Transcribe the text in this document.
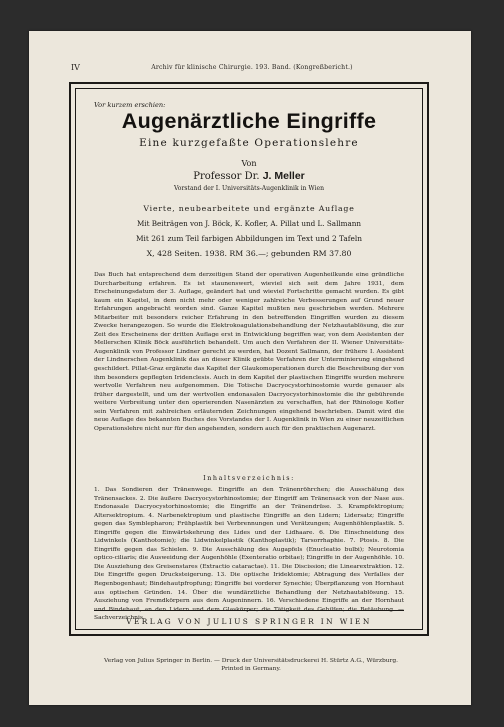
IV	Archiv für klinische Chirurgie. 193. Band. (Kongreßbericht.)
Vor kurzem erschien:
Augenärztliche Eingriffe
Eine kurzgefaßte Operationslehre
Von
Professor Dr. J. Meller
Vorstand der I. Universitäts-Augenklinik in Wien
Vierte, neubearbeitete und ergänzte Auflage
Mit Beiträgen von J. Böck, K. Kofler, A. Pillat und L. Sallmann
Mit 261 zum Teil farbigen Abbildungen im Text und 2 Tafeln
X, 428 Seiten. 1938. RM 36.—; gebunden RM 37.80

Das Buch hat entsprechend dem derzeitigen Stand der operativen Augenheilkunde eine gründliche Durcharbeitung erfahren. Es ist staunenswert, wieviel sich seit dem Jahre 1931, dem Erscheinungsdatum der 3. Auflage, geändert hat und wieviel Fortschritte gemacht wurden. Es gibt kaum ein Kapitel, in dem nicht mehr oder weniger zahlreiche Verbesserungen auf Grund neuer Erfahrungen angebracht worden sind. Ganze Kapitel mußten neu geschrieben werden. Mehrere Mitarbeiter mit besonders reicher Erfahrung in den betreffenden Eingriffen wurden zu diesem Zwecke herangezogen. So wurde die Elektrokoagulationsbehandlung der Netzhautablösung, die zur Zeit des Erscheinens der dritten Auflage erst in Entwicklung begriffen war, von dem Assistenten der Mellerschen Klinik Böck ausführlich behandelt. Um auch den Verfahren der II. Wiener Universitäts-Augenklinik von Professor Lindner gerecht zu werden, hat Dozent Sallmann, der frühere I. Assistent der Lindnerschen Augenklinik das an dieser Klinik geübte Verfahren der Unterminierung eingehend geschildert. Pillat-Graz ergänzte das Kapitel der Glaukomoperationen durch die Beschreibung der von ihm besonders gepflegten Iridenclesis. Auch in dem Kapitel der plastischen Eingriffe wurden mehrere wertvolle Verfahren neu aufgenommen. Die Totische Dacryocystorhinostomie wurde genauer als früher dargestellt, und um der wertvollen endonasalen Dacryocystorhinostomie die ihr gebührende weitere Verbreitung unter den operierenden Nasenärzten zu verschaffen, hat der Rhinologe Kofler sein Verfahren mit zahlreichen erläuternden Zeichnungen eingehend beschrieben. Damit wird die neue Auflage des bekannten Buches des Vorstandes der I. Augenklinik in Wien zu einer neuzeitlichen Operationslehre nicht nur für den angehenden, sondern auch für den praktischen Augenarzt.

Inhaltsverzeichnis:

1. Das Sondieren der Tränenwege. Eingriffe an den Tränenröhrchen; die Ausschälung des Tränensackes. 2. Die äußere Dacryocystorhinostomie; der Eingriff am Tränensack von der Nase aus. Endonasale Dacryocystorhinostomie; die Eingriffe an der Tränendrüse. 3. Krampfektropium; Altersektropium. 4. Narbenektropium und plastische Eingriffe an den Lidern; Lidersatz; Eingriffe gegen das Symblepharon; Frühplastik bei Verbrennungen und Verätzungen; Augenhöhlenplastik. 5. Eingriffe gegen die Einwärtskehrung des Lides und der Lidhaare. 6. Die Einschneidung des Lidwinkels (Kanthotomie); die Lidwinkelplastik (Kanthoplastik); Tarsorrhaphie. 7. Ptosis. 8. Die Eingriffe gegen das Schielen. 9. Die Ausschälung des Augapfels (Enucleatio bulbi); Neurotomia optico-ciliaris; die Ausweidung der Augenhöhle (Exenteratio orbitae); Eingriffe in der Augenhöhle. 10. Die Ausziehung des Greisenstares (Extractio cataractae). 11. Die Discission; die Linearextraktion. 12. Die Eingriffe gegen Drucksteigerung. 13. Die optische Iridektomie; Abtragung des Verfalles der Regenbogenhaut; Bindehautpfropfung; Eingriffe bei vorderer Synechie; Überpflanzung von Hornhaut aus optischen Gründen. 14. Über die wundärztliche Behandlung der Netzhautablösung. 15. Ausziehung von Fremdkörpern aus dem Augeninnern. 16. Verschiedene Eingriffe an der Hornhaut und Bindehaut, an den Lidern und dem Glaskörper; die Tätigkeit des Gehilfen; die Betäubung. — Sachverzeichnis.

VERLAG VON JULIUS SPRINGER IN WIEN
Verlag von Julius Springer in Berlin. — Druck der Universitätsdruckerei H. Stürtz A.G., Würzburg.
Printed in Germany.
